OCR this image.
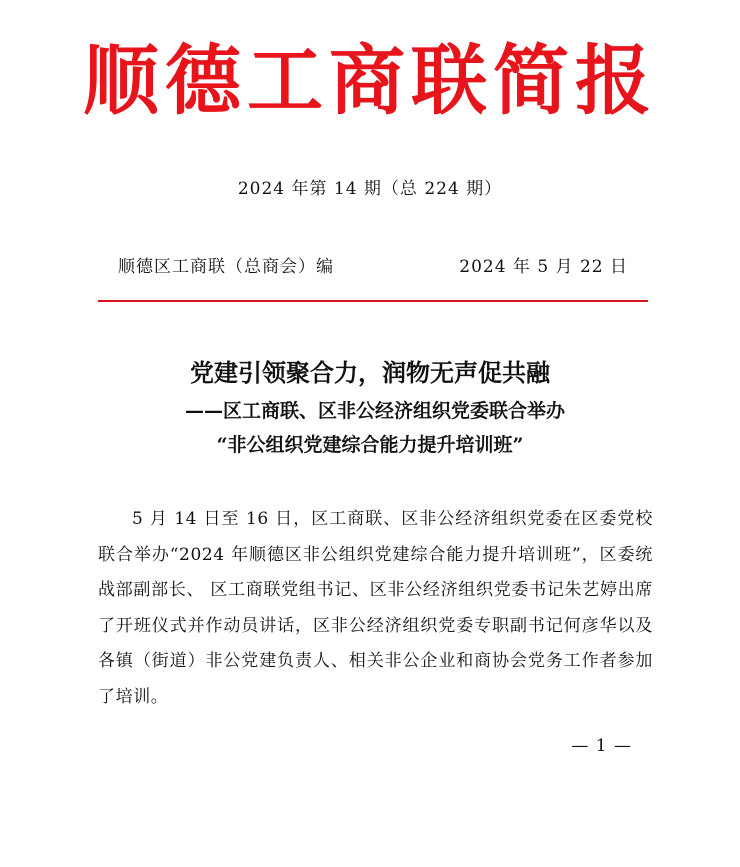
顺德工商联简报
2024 年第 14 期（总 224 期）
顺德区工商联（总商会）编	2024 年 5 月 22 日
党建引领聚合力，润物无声促共融
——区工商联、区非公经济组织党委联合举办
“非公组织党建综合能力提升培训班”
5 月 14 日至 16 日，区工商联、区非公经济组织党委在区委党校联合举办“2024 年顺德区非公组织党建综合能力提升培训班”，区委统战部副部长、 区工商联党组书记、区非公经济组织党委书记朱艺婷出席了开班仪式并作动员讲话，区非公经济组织党委专职副书记何彦华以及各镇（街道）非公党建负责人、相关非公企业和商协会党务工作者参加了培训。
— 1 —
